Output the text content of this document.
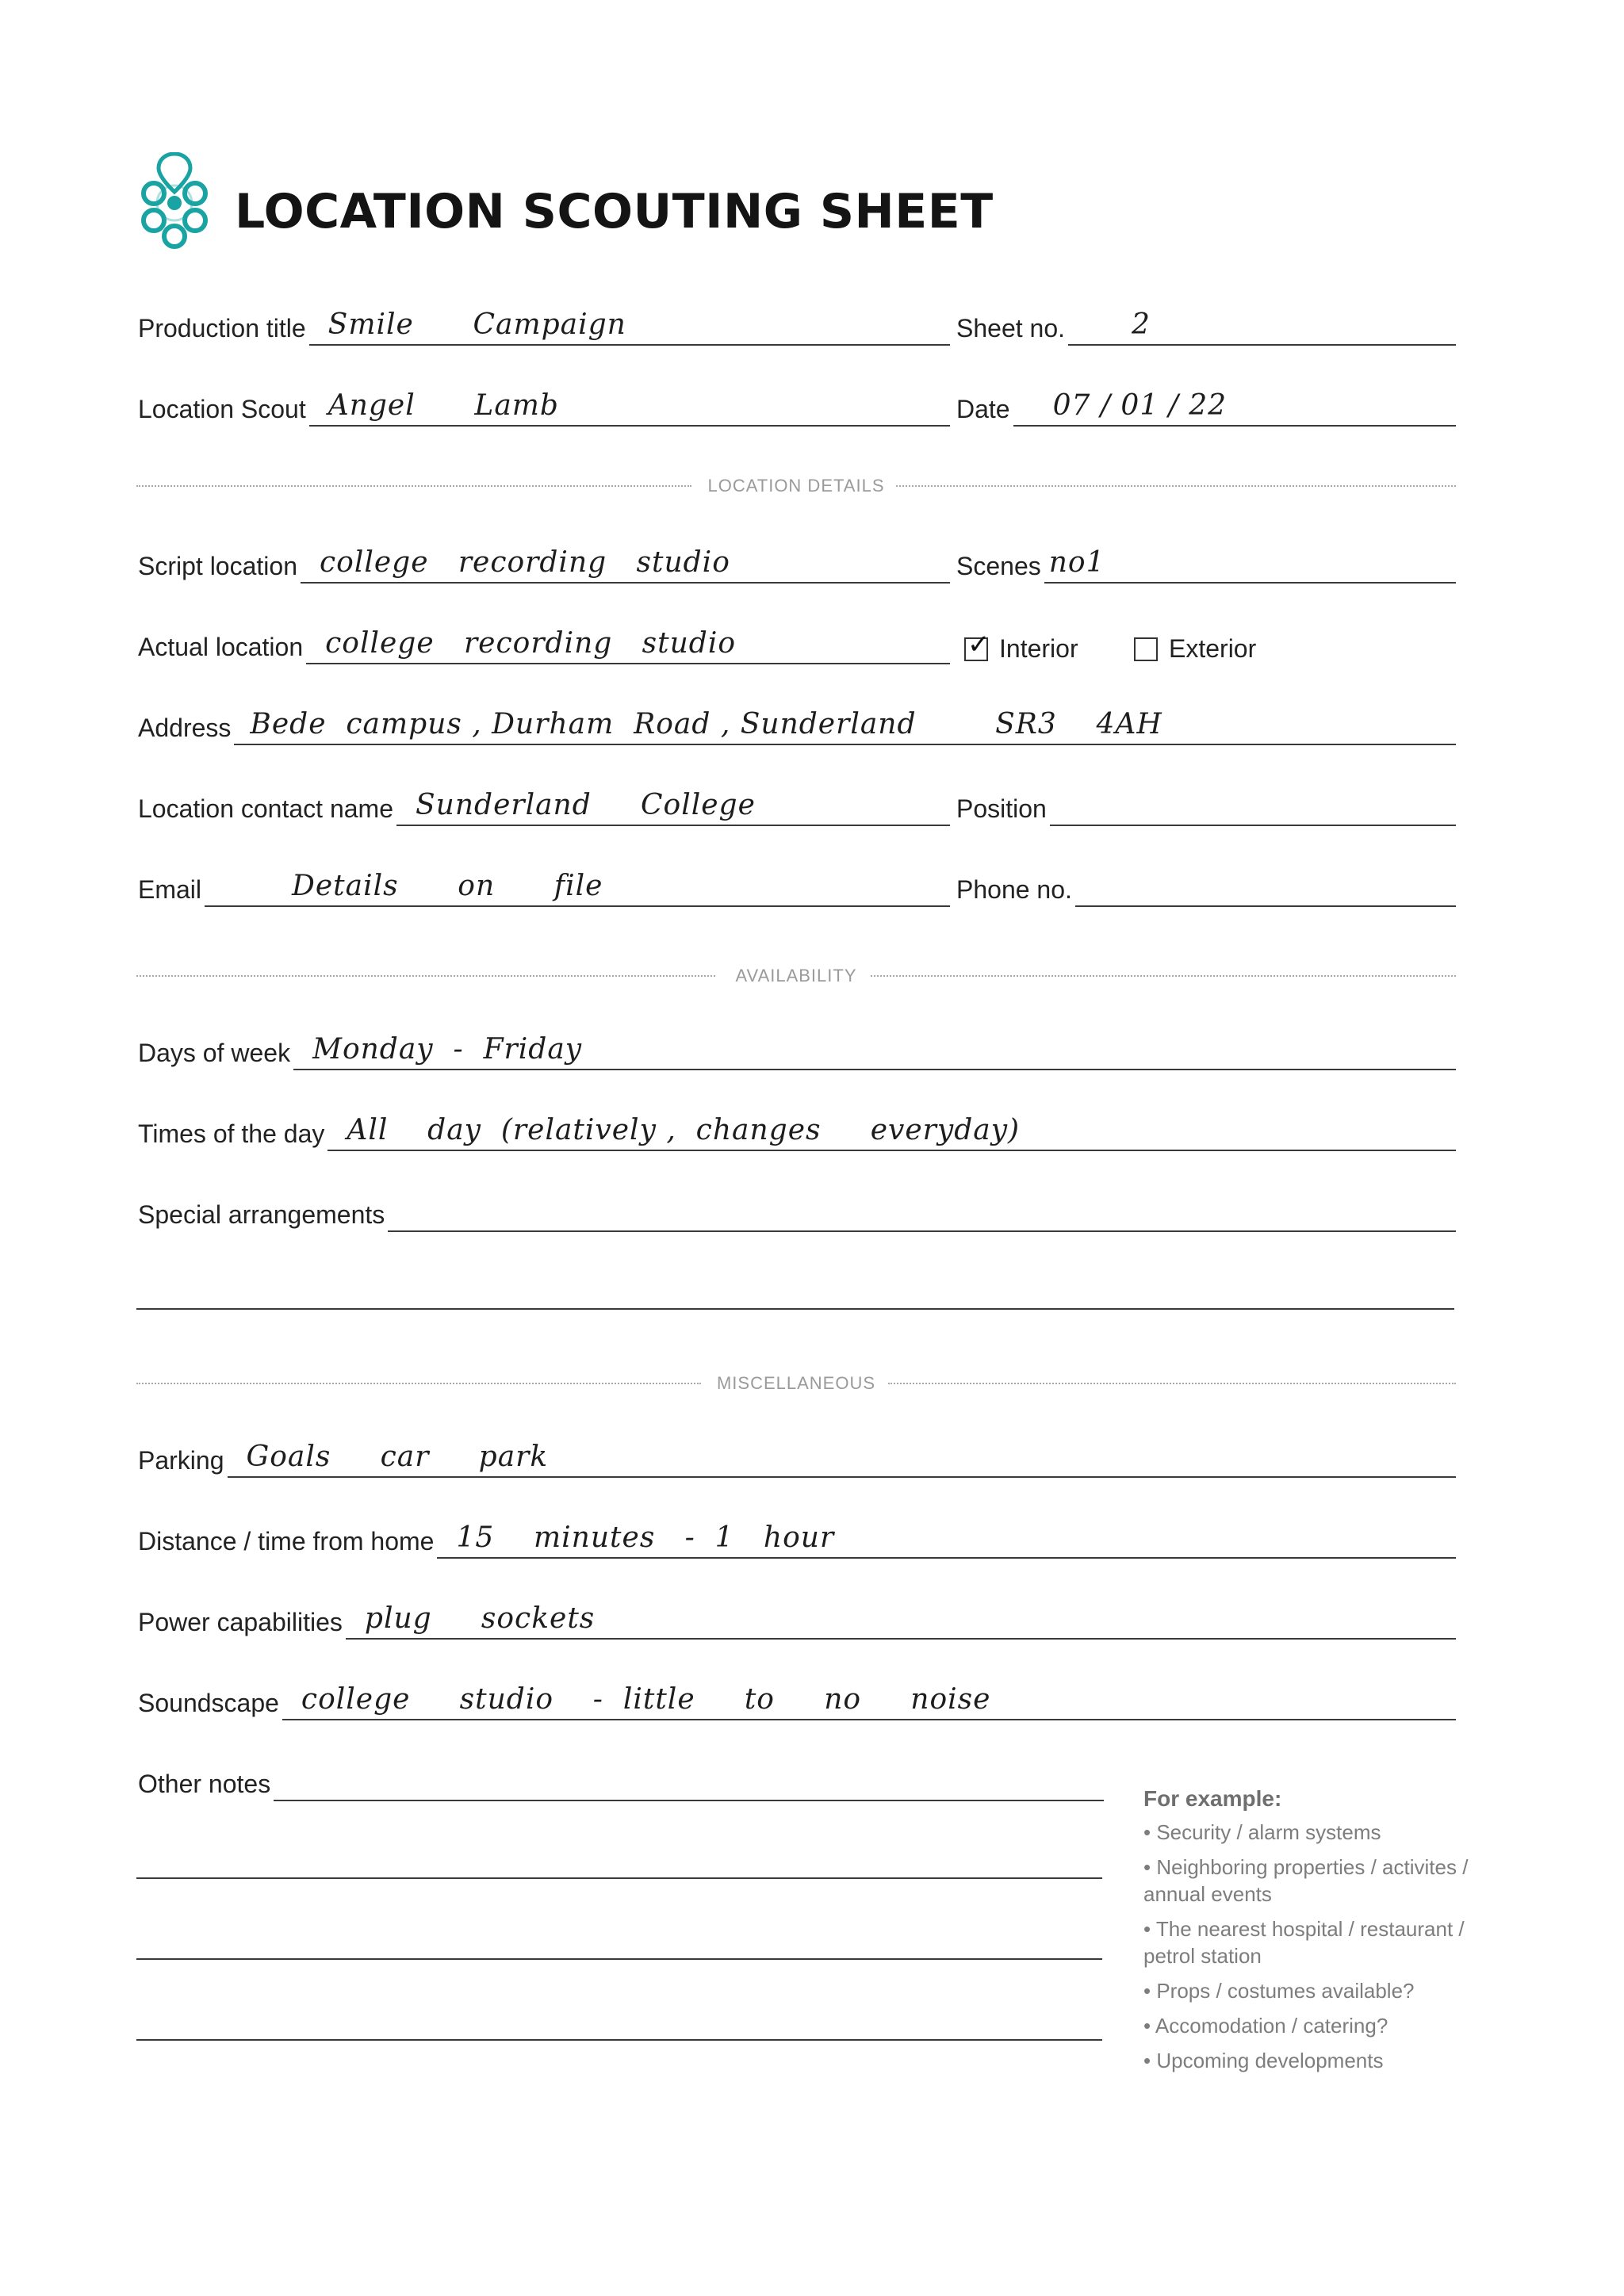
LOCATION SCOUTING SHEET
Production title Smile      Campaign	Sheet no. 2
Location Scout Angel      Lamb	Date 07 / 01 / 22
LOCATION DETAILS
Script location college   recording   studio	Scenes no1
Actual location college   recording   studio	✓ Interior	Exterior
Address Bede  campus , Durham  Road , Sunderland        SR3    4AH
Location contact name Sunderland     College	Position
Email	Details      on      file	Phone no.
AVAILABILITY
Days of week Monday  -  Friday
Times of the day All    day  (relatively ,  changes     everyday)
Special arrangements
MISCELLANEOUS
Parking Goals     car     park
Distance / time from home 15    minutes   -  1   hour
Power capabilities plug     sockets
Soundscape college     studio    -  little     to     no     noise
Other notes
For example:
• Security / alarm systems
• Neighboring properties / activites / annual events
• The nearest hospital / restaurant / petrol station
• Props / costumes available?
• Accomodation / catering?
• Upcoming developments
